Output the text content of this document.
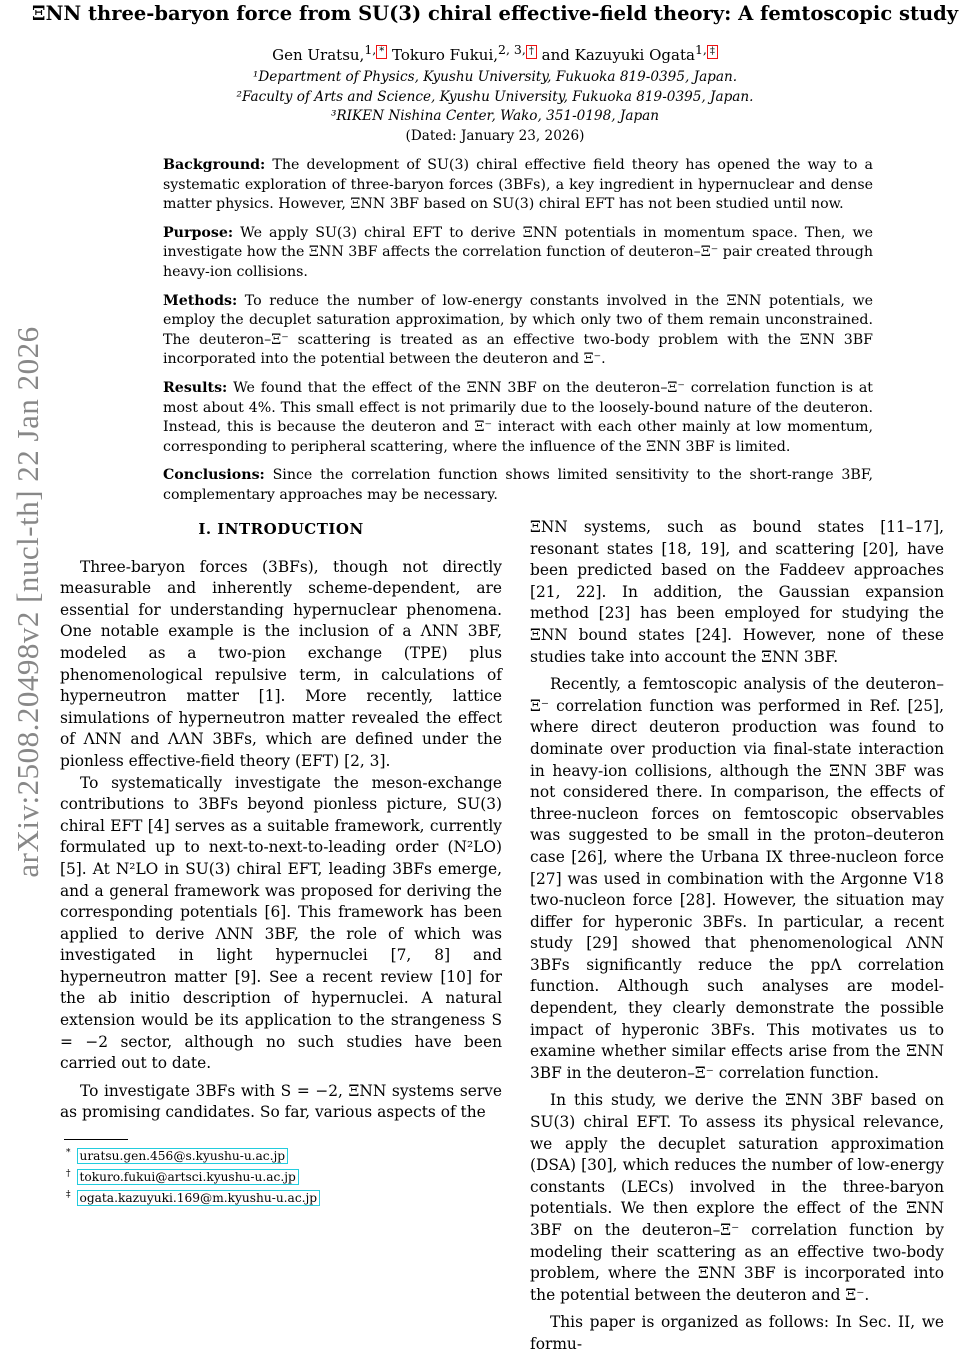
arXiv:2508.20498v2 [nucl-th] 22 Jan 2026
ΞNN three-baryon force from SU(3) chiral effective-field theory: A femtoscopic study
Gen Uratsu,$^{1,}$ * Tokuro Fukui,$^{2, 3,}$ † and Kazuyuki Ogata$^{1,}$ ‡
¹Department of Physics, Kyushu University, Fukuoka 819-0395, Japan.
²Faculty of Arts and Science, Kyushu University, Fukuoka 819-0395, Japan.
³RIKEN Nishina Center, Wako, 351-0198, Japan
(Dated: January 23, 2026)

Background: The development of SU(3) chiral effective field theory has opened the way to a systematic exploration of three-baryon forces (3BFs), a key ingredient in hypernuclear and dense matter physics. However, ΞNN 3BF based on SU(3) chiral EFT has not been studied until now.

Purpose: We apply SU(3) chiral EFT to derive ΞNN potentials in momentum space. Then, we investigate how the ΞNN 3BF affects the correlation function of deuteron–Ξ⁻ pair created through heavy-ion collisions.

Methods: To reduce the number of low-energy constants involved in the ΞNN potentials, we employ the decuplet saturation approximation, by which only two of them remain unconstrained. The deuteron–Ξ⁻ scattering is treated as an effective two-body problem with the ΞNN 3BF incorporated into the potential between the deuteron and Ξ⁻.

Results: We found that the effect of the ΞNN 3BF on the deuteron–Ξ⁻ correlation function is at most about 4%. This small effect is not primarily due to the loosely-bound nature of the deuteron. Instead, this is because the deuteron and Ξ⁻ interact with each other mainly at low momentum, corresponding to peripheral scattering, where the influence of the ΞNN 3BF is limited.

Conclusions: Since the correlation function shows limited sensitivity to the short-range 3BF, complementary approaches may be necessary.

I. INTRODUCTION

Three-baryon forces (3BFs), though not directly measurable and inherently scheme-dependent, are essential for understanding hypernuclear phenomena. One notable example is the inclusion of a ΛNN 3BF, modeled as a two-pion exchange (TPE) plus phenomenological repulsive term, in calculations of hyperneutron matter [1]. More recently, lattice simulations of hyperneutron matter revealed the effect of ΛNN and ΛΛN 3BFs, which are defined under the pionless effective-field theory (EFT) [2, 3].

To systematically investigate the meson-exchange contributions to 3BFs beyond pionless picture, SU(3) chiral EFT [4] serves as a suitable framework, currently formulated up to next-to-next-to-leading order (N²LO) [5]. At N²LO in SU(3) chiral EFT, leading 3BFs emerge, and a general framework was proposed for deriving the corresponding potentials [6]. This framework has been applied to derive ΛNN 3BF, the role of which was investigated in light hypernuclei [7, 8] and hyperneutron matter [9]. See a recent review [10] for the ab initio description of hypernuclei. A natural extension would be its application to the strangeness S = −2 sector, although no such studies have been carried out to date.

To investigate 3BFs with S = −2, ΞNN systems serve as promising candidates. So far, various aspects of the

ΞNN systems, such as bound states [11–17], resonant states [18, 19], and scattering [20], have been predicted based on the Faddeev approaches [21, 22]. In addition, the Gaussian expansion method [23] has been employed for studying the ΞNN bound states [24]. However, none of these studies take into account the ΞNN 3BF.

Recently, a femtoscopic analysis of the deuteron–Ξ⁻ correlation function was performed in Ref. [25], where direct deuteron production was found to dominate over production via final-state interaction in heavy-ion collisions, although the ΞNN 3BF was not considered there. In comparison, the effects of three-nucleon forces on femtoscopic observables was suggested to be small in the proton–deuteron case [26], where the Urbana IX three-nucleon force [27] was used in combination with the Argonne V18 two-nucleon force [28]. However, the situation may differ for hyperonic 3BFs. In particular, a recent study [29] showed that phenomenological ΛNN 3BFs significantly reduce the ppΛ correlation function. Although such analyses are model-dependent, they clearly demonstrate the possible impact of hyperonic 3BFs. This motivates us to examine whether similar effects arise from the ΞNN 3BF in the deuteron–Ξ⁻ correlation function.

In this study, we derive the ΞNN 3BF based on SU(3) chiral EFT. To assess its physical relevance, we apply the decuplet saturation approximation (DSA) [30], which reduces the number of low-energy constants (LECs) involved in the three-baryon potentials. We then explore the effect of the ΞNN 3BF on the deuteron–Ξ⁻ correlation function by modeling their scattering as an effective two-body problem, where the ΞNN 3BF is incorporated into the potential between the deuteron and Ξ⁻.

This paper is organized as follows: In Sec. II, we formu-

* uratsu.gen.456@s.kyushu-u.ac.jp
† tokuro.fukui@artsci.kyushu-u.ac.jp
‡ ogata.kazuyuki.169@m.kyushu-u.ac.jp
